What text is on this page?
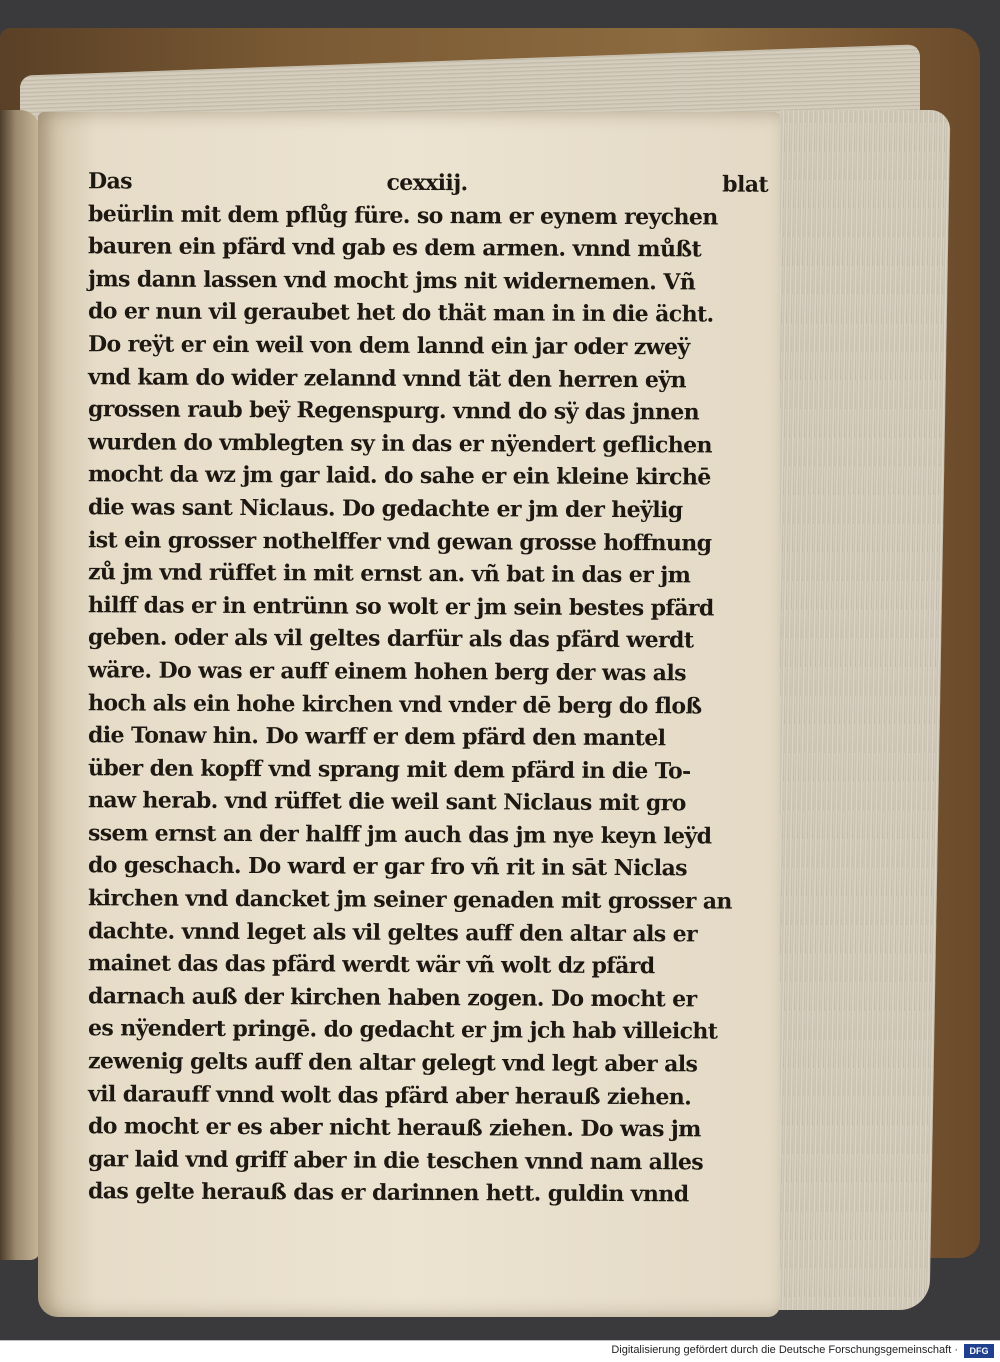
Das	cexxiij.	blat
beürlin mit dem pflůg füre. so nam er eynem reychen
bauren ein pfärd vnd gab es dem armen. vnnd můßt
jms dann lassen vnd mocht jms nit widernemen. Vñ
do er nun vil geraubet het do thät man in in die ächt.
Do reÿt er ein weil von dem lannd ein jar oder zweÿ
vnd kam do wider zelannd vnnd tät den herren eÿn
grossen raub beÿ Regenspurg. vnnd do sÿ das jnnen
wurden do vmblegten sy in das er nÿendert geflichen
mocht da wz jm gar laid. do sahe er ein kleine kirchē
die was sant Niclaus. Do gedachte er jm der heÿlig
ist ein grosser nothelffer vnd gewan grosse hoffnung
zů jm vnd rüffet in mit ernst an. vñ bat in das er jm
hilff das er in entrünn so wolt er jm sein bestes pfärd
geben. oder als vil geltes darfür als das pfärd werdt
wäre. Do was er auff einem hohen berg der was als
hoch als ein hohe kirchen vnd vnder dē berg do floß
die Tonaw hin. Do warff er dem pfärd den mantel
über den kopff vnd sprang mit dem pfärd in die To-
naw herab. vnd rüffet die weil sant Niclaus mit gro
ssem ernst an der halff jm auch das jm nye keyn leÿd
do geschach. Do ward er gar fro vñ rit in sāt Niclas
kirchen vnd dancket jm seiner genaden mit grosser an
dachte. vnnd leget als vil geltes auff den altar als er
mainet das das pfärd werdt wär vñ wolt dz pfärd
darnach auß der kirchen haben zogen. Do mocht er
es nÿendert pringē. do gedacht er jm jch hab villeicht
zewenig gelts auff den altar gelegt vnd legt aber als
vil darauff vnnd wolt das pfärd aber herauß ziehen.
do mocht er es aber nicht herauß ziehen. Do was jm
gar laid vnd griff aber in die teschen vnnd nam alles
das gelte herauß das er darinnen hett. guldin vnnd
Digitalisierung gefördert durch die Deutsche Forschungsgemeinschaft ·	DFG
